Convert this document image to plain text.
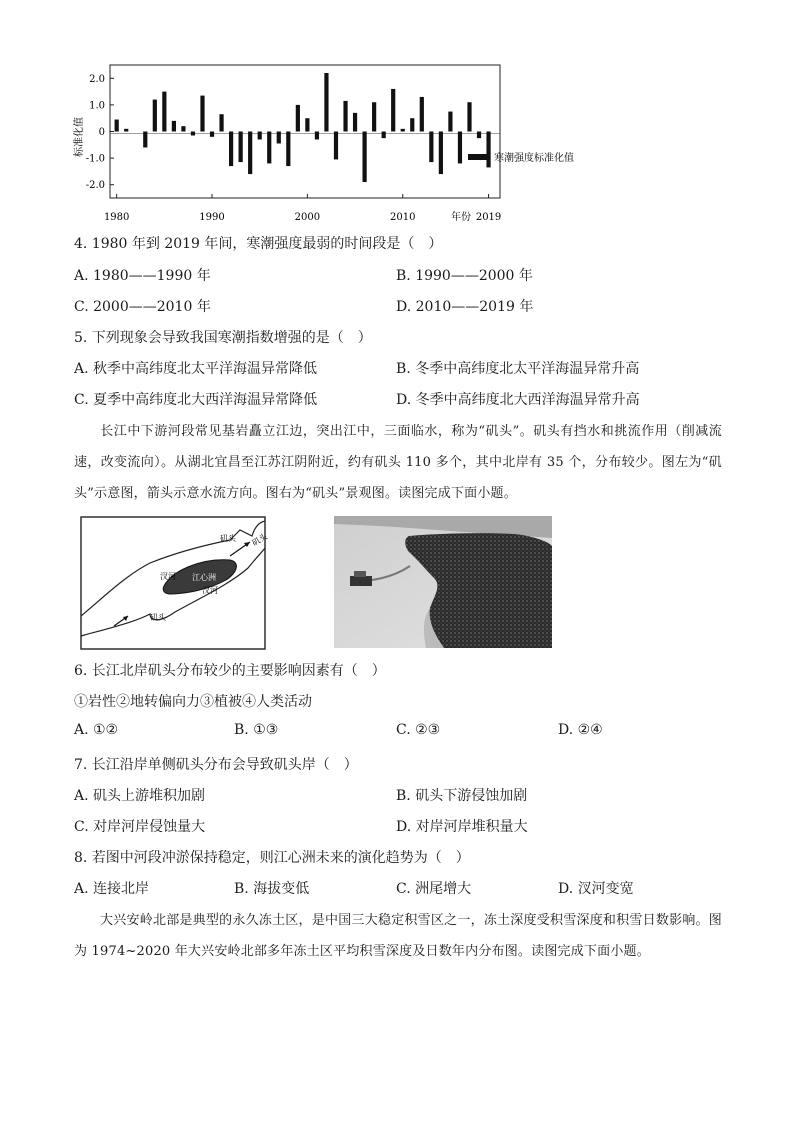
2.0
1.0
0
-1.0
-2.0
1980	1990	2000	2010	2019
标准化值
年份
寒潮强度标准化值
4. 1980 年到 2019 年间，寒潮强度最弱的时间段是（　）
A. 1980——1990 年	B. 1990——2000 年
C. 2000——2010 年	D. 2010——2019 年
5. 下列现象会导致我国寒潮指数增强的是（　）
A. 秋季中高纬度北太平洋海温异常降低	B. 冬季中高纬度北太平洋海温异常升高
C. 夏季中高纬度北大西洋海温异常降低	D. 冬季中高纬度北大西洋海温异常升高
长江中下游河段常见基岩矗立江边，突出江中，三面临水，称为“矶头”。矶头有挡水和挑流作用（削减流速，改变流向）。从湖北宜昌至江苏江阴附近，约有矶头 110 多个，其中北岸有 35 个，分布较少。图左为“矶头”示意图，箭头示意水流方向。图右为“矶头”景观图。读图完成下面小题。
矶头 矶头
江心洲
汊河
汊河
矶头
6. 长江北岸矶头分布较少的主要影响因素有（　）
①岩性②地转偏向力③植被④人类活动
A. ①②	B. ①③	C. ②③	D. ②④
7. 长江沿岸单侧矶头分布会导致矶头岸（　）
A. 矶头上游堆积加剧	B. 矶头下游侵蚀加剧
C. 对岸河岸侵蚀量大	D. 对岸河岸堆积量大
8. 若图中河段冲淤保持稳定，则江心洲未来的演化趋势为（　）
A. 连接北岸	B. 海拔变低	C. 洲尾增大	D. 汊河变宽
大兴安岭北部是典型的永久冻土区，是中国三大稳定积雪区之一，冻土深度受积雪深度和积雪日数影响。图为 1974~2020 年大兴安岭北部多年冻土区平均积雪深度及日数年内分布图。读图完成下面小题。
